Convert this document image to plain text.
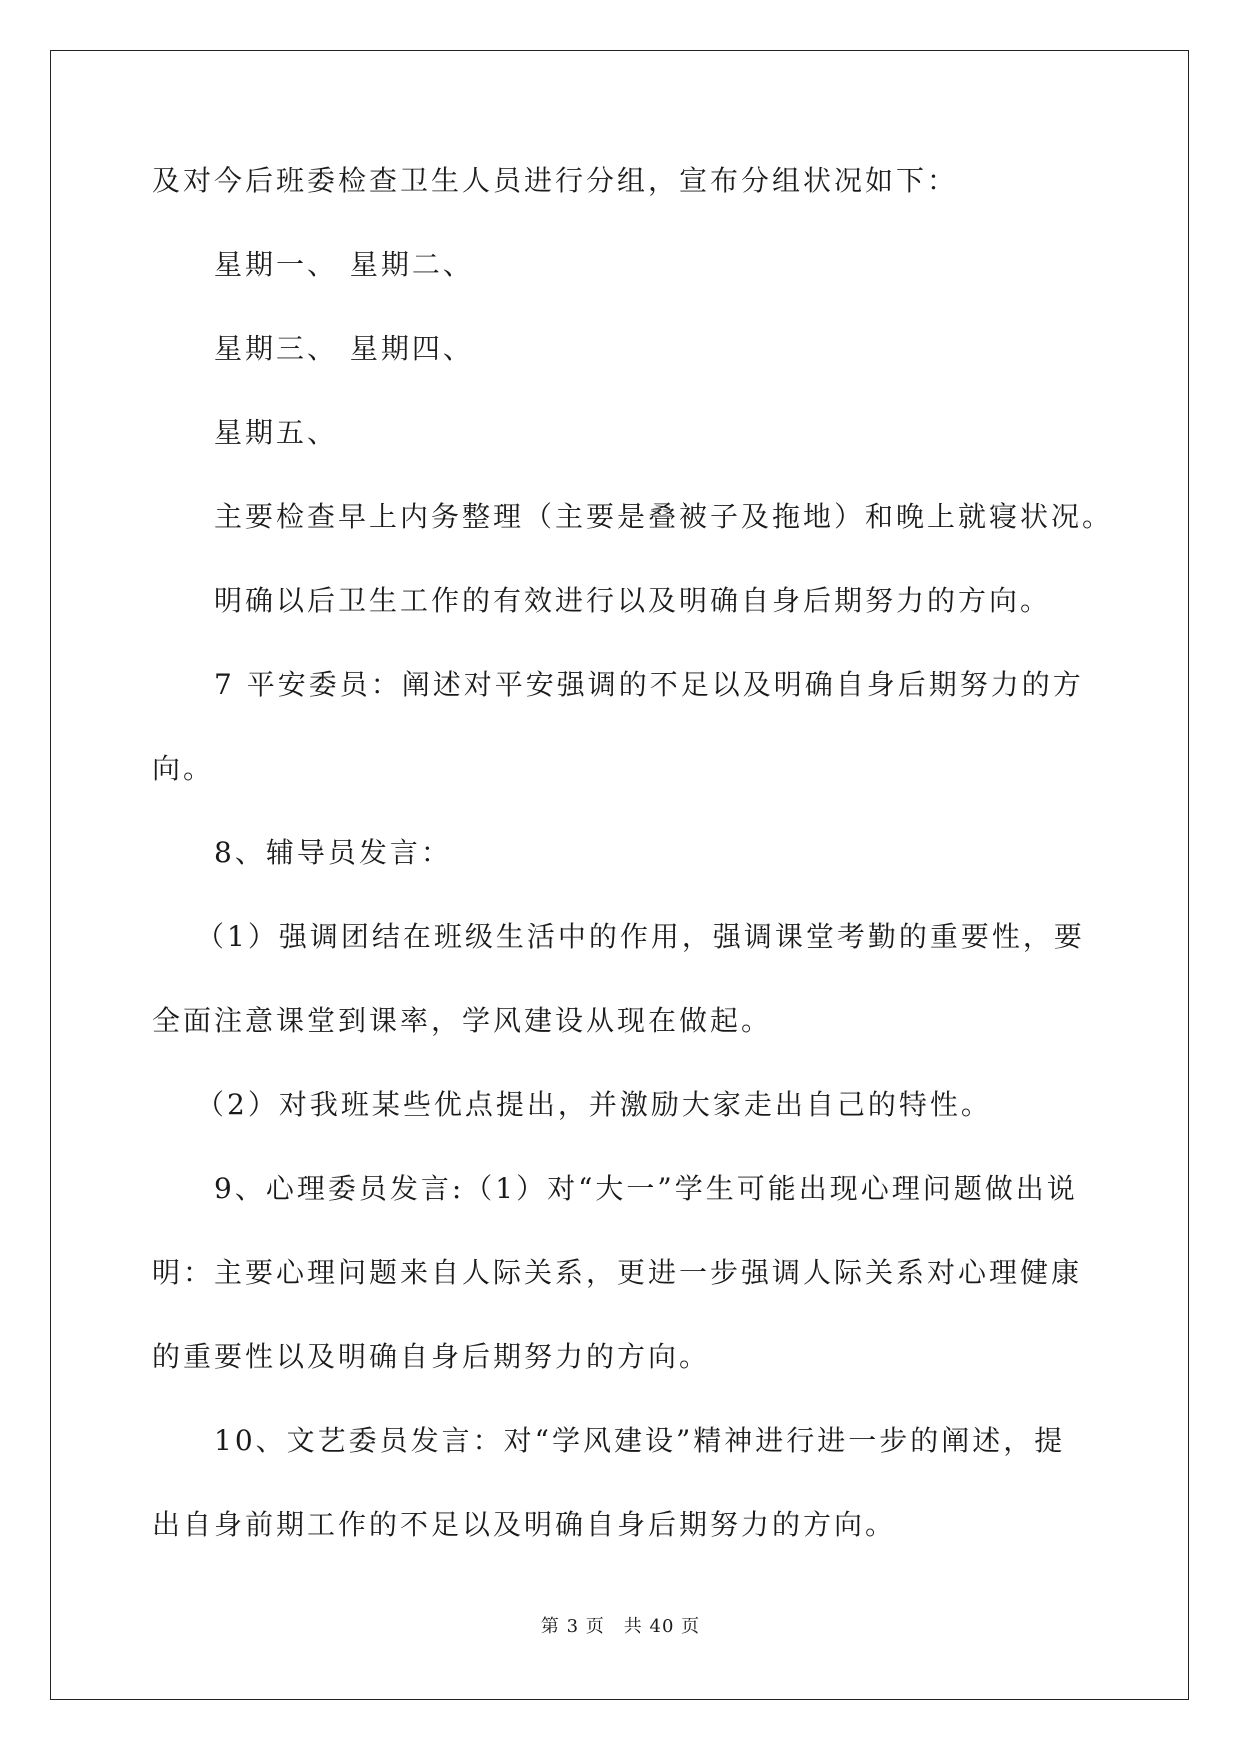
及对今后班委检查卫生人员进行分组，宣布分组状况如下：
星期一、 星期二、
星期三、 星期四、
星期五、
主要检查早上内务整理（主要是叠被子及拖地）和晚上就寝状况。
明确以后卫生工作的有效进行以及明确自身后期努力的方向。
7 平安委员：阐述对平安强调的不足以及明确自身后期努力的方
向。
8、辅导员发言：
（1）强调团结在班级生活中的作用，强调课堂考勤的重要性，要
全面注意课堂到课率，学风建设从现在做起。
（2）对我班某些优点提出，并激励大家走出自己的特性。
9、心理委员发言:（1）对“大一”学生可能出现心理问题做出说
明：主要心理问题来自人际关系，更进一步强调人际关系对心理健康
的重要性以及明确自身后期努力的方向。
10、文艺委员发言：对“学风建设”精神进行进一步的阐述，提
出自身前期工作的不足以及明确自身后期努力的方向。
第 3 页　共 40 页
